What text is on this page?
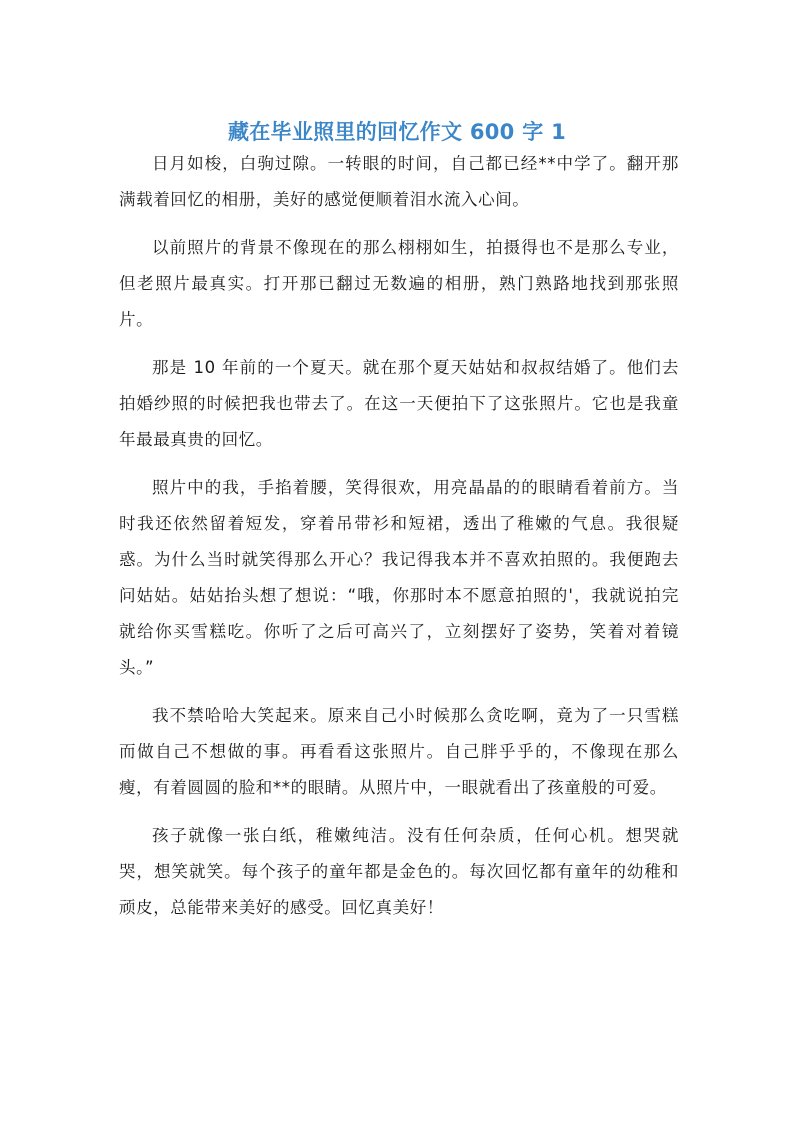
藏在毕业照里的回忆作文 600 字 1

日月如梭，白驹过隙。一转眼的时间，自己都已经**中学了。翻开那满载着回忆的相册，美好的感觉便顺着泪水流入心间。

以前照片的背景不像现在的那么栩栩如生，拍摄得也不是那么专业，但老照片最真实。打开那已翻过无数遍的相册，熟门熟路地找到那张照片。

那是 10 年前的一个夏天。就在那个夏天姑姑和叔叔结婚了。他们去拍婚纱照的时候把我也带去了。在这一天便拍下了这张照片。它也是我童年最最真贵的回忆。

照片中的我，手掐着腰，笑得很欢，用亮晶晶的的眼睛看着前方。当时我还依然留着短发，穿着吊带衫和短裙，透出了稚嫩的气息。我很疑惑。为什么当时就笑得那么开心？我记得我本并不喜欢拍照的。我便跑去问姑姑。姑姑抬头想了想说：“哦，你那时本不愿意拍照的'，我就说拍完就给你买雪糕吃。你听了之后可高兴了，立刻摆好了姿势，笑着对着镜头。”

我不禁哈哈大笑起来。原来自己小时候那么贪吃啊，竟为了一只雪糕而做自己不想做的事。再看看这张照片。自己胖乎乎的，不像现在那么瘦，有着圆圆的脸和**的眼睛。从照片中，一眼就看出了孩童般的可爱。

孩子就像一张白纸，稚嫩纯洁。没有任何杂质，任何心机。想哭就哭，想笑就笑。每个孩子的童年都是金色的。每次回忆都有童年的幼稚和顽皮，总能带来美好的感受。回忆真美好！
